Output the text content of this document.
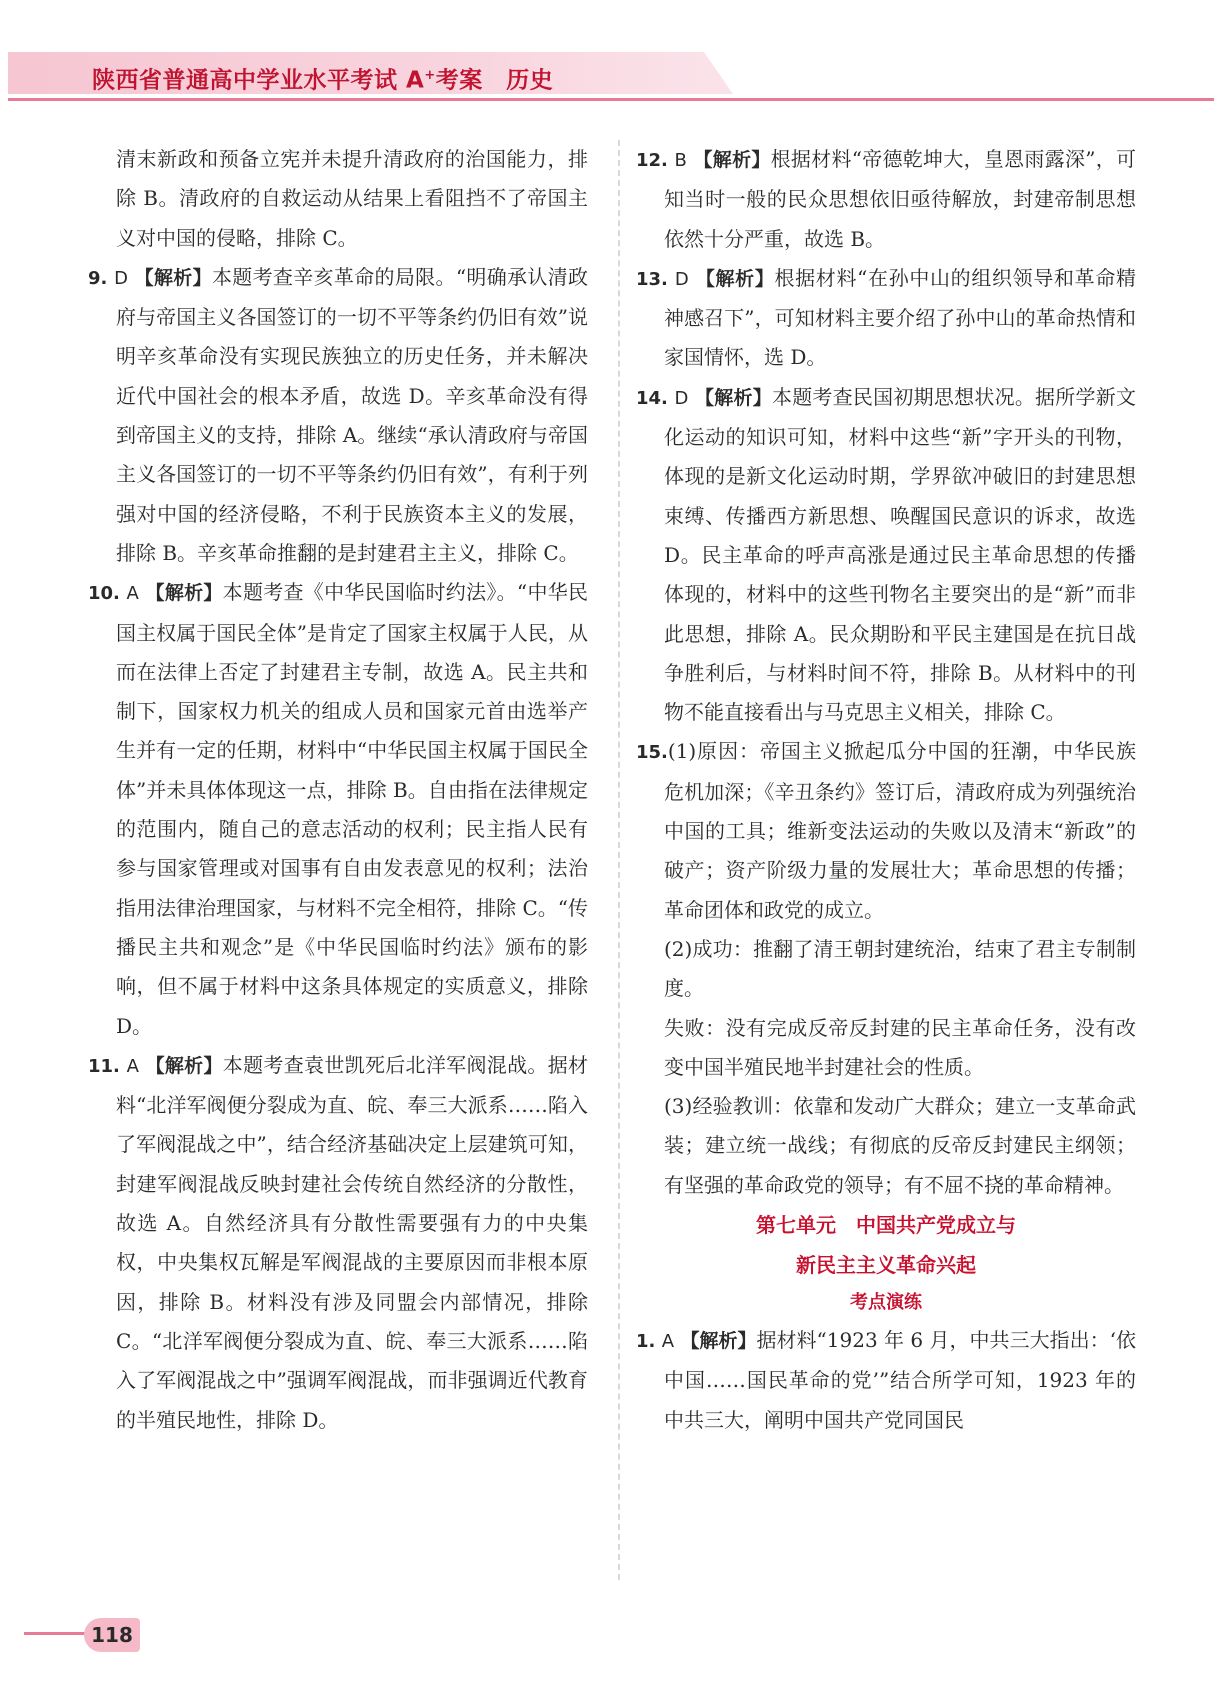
陕西省普通高中学业水平考试 A+考案　历史
清末新政和预备立宪并未提升清政府的治国能力，排除 B。清政府的自救运动从结果上看阻挡不了帝国主义对中国的侵略，排除 C。
9. D 【解析】本题考查辛亥革命的局限。“明确承认清政府与帝国主义各国签订的一切不平等条约仍旧有效”说明辛亥革命没有实现民族独立的历史任务，并未解决近代中国社会的根本矛盾，故选 D。辛亥革命没有得到帝国主义的支持，排除 A。继续“承认清政府与帝国主义各国签订的一切不平等条约仍旧有效”，有利于列强对中国的经济侵略，不利于民族资本主义的发展，排除 B。辛亥革命推翻的是封建君主主义，排除 C。
10. A 【解析】本题考查《中华民国临时约法》。“中华民国主权属于国民全体”是肯定了国家主权属于人民，从而在法律上否定了封建君主专制，故选 A。民主共和制下，国家权力机关的组成人员和国家元首由选举产生并有一定的任期，材料中“中华民国主权属于国民全体”并未具体体现这一点，排除 B。自由指在法律规定的范围内，随自己的意志活动的权利；民主指人民有参与国家管理或对国事有自由发表意见的权利；法治指用法律治理国家，与材料不完全相符，排除 C。“传播民主共和观念”是《中华民国临时约法》颁布的影响，但不属于材料中这条具体规定的实质意义，排除 D。
11. A 【解析】本题考查袁世凯死后北洋军阀混战。据材料“北洋军阀便分裂成为直、皖、奉三大派系……陷入了军阀混战之中”，结合经济基础决定上层建筑可知，封建军阀混战反映封建社会传统自然经济的分散性，故选 A。自然经济具有分散性需要强有力的中央集权，中央集权瓦解是军阀混战的主要原因而非根本原因，排除 B。材料没有涉及同盟会内部情况，排除 C。“北洋军阀便分裂成为直、皖、奉三大派系……陷入了军阀混战之中”强调军阀混战，而非强调近代教育的半殖民地性，排除 D。
12. B 【解析】根据材料“帝德乾坤大，皇恩雨露深”，可知当时一般的民众思想依旧亟待解放，封建帝制思想依然十分严重，故选 B。
13. D 【解析】根据材料“在孙中山的组织领导和革命精神感召下”，可知材料主要介绍了孙中山的革命热情和家国情怀，选 D。
14. D 【解析】本题考查民国初期思想状况。据所学新文化运动的知识可知，材料中这些“新”字开头的刊物，体现的是新文化运动时期，学界欲冲破旧的封建思想束缚、传播西方新思想、唤醒国民意识的诉求，故选 D。民主革命的呼声高涨是通过民主革命思想的传播体现的，材料中的这些刊物名主要突出的是“新”而非此思想，排除 A。民众期盼和平民主建国是在抗日战争胜利后，与材料时间不符，排除 B。从材料中的刊物不能直接看出与马克思主义相关，排除 C。
15.(1)原因：帝国主义掀起瓜分中国的狂潮，中华民族危机加深；《辛丑条约》签订后，清政府成为列强统治中国的工具；维新变法运动的失败以及清末“新政”的破产；资产阶级力量的发展壮大；革命思想的传播；革命团体和政党的成立。
(2)成功：推翻了清王朝封建统治，结束了君主专制制度。
失败：没有完成反帝反封建的民主革命任务，没有改变中国半殖民地半封建社会的性质。
(3)经验教训：依靠和发动广大群众；建立一支革命武装；建立统一战线；有彻底的反帝反封建民主纲领；有坚强的革命政党的领导；有不屈不挠的革命精神。
第七单元　中国共产党成立与
新民主主义革命兴起
考点演练
1. A 【解析】据材料“1923 年 6 月，中共三大指出：‘依中国……国民革命的党’”结合所学可知，1923 年的中共三大，阐明中国共产党同国民
118
